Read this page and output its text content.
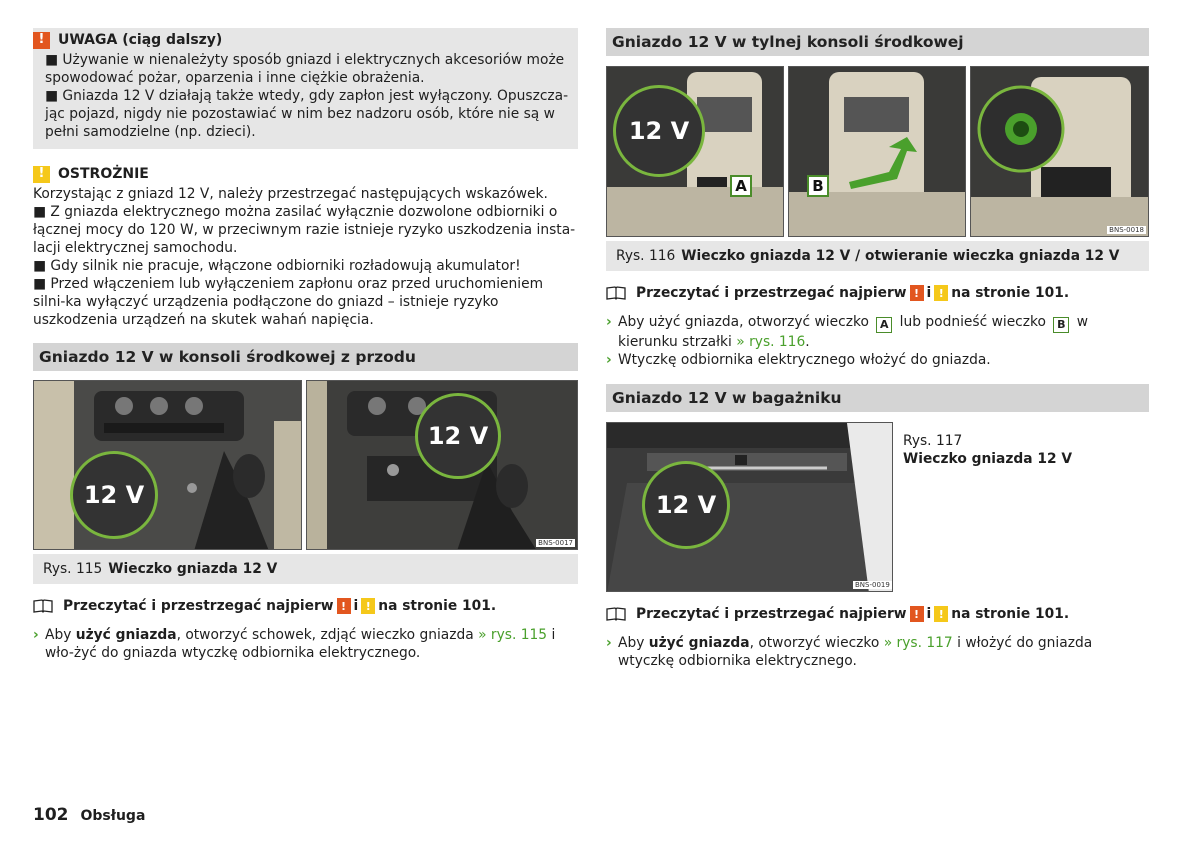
! UWAGA (ciąg dalszy)
■ Używanie w nienależyty sposób gniazd i elektrycznych akcesoriów może spowodować pożar, oparzenia i inne ciężkie obrażenia.
■ Gniazda 12 V działają także wtedy, gdy zapłon jest wyłączony. Opuszcza-jąc pojazd, nigdy nie pozostawiać w nim bez nadzoru osób, które nie są w pełni samodzielne (np. dzieci).
! OSTROŻNIE
Korzystając z gniazd 12 V, należy przestrzegać następujących wskazówek.
■ Z gniazda elektrycznego można zasilać wyłącznie dozwolone odbiorniki o łącznej mocy do 120 W, w przeciwnym razie istnieje ryzyko uszkodzenia insta-lacji elektrycznej samochodu.
■ Gdy silnik nie pracuje, włączone odbiorniki rozładowują akumulator!
■ Przed włączeniem lub wyłączeniem zapłonu oraz przed uruchomieniem silni-ka wyłączyć urządzenia podłączone do gniazd – istnieje ryzyko uszkodzenia urządzeń na skutek wahań napięcia.
Gniazdo 12 V w konsoli środkowej z przodu
12 V
12 V
BNS-0017
Rys. 115 Wieczko gniazda 12 V
Przeczytać i przestrzegać najpierw ! i ! na stronie 101.
› Aby użyć gniazda, otworzyć schowek, zdjąć wieczko gniazda » rys. 115 i wło-żyć do gniazda wtyczkę odbiornika elektrycznego.
Gniazdo 12 V w tylnej konsoli środkowej
12 V
A	B
BNS-0018
Rys. 116 Wieczko gniazda 12 V / otwieranie wieczka gniazda 12 V
Przeczytać i przestrzegać najpierw ! i ! na stronie 101.
› Aby użyć gniazda, otworzyć wieczko A lub podnieść wieczko B w kierunku strzałki » rys. 116.
› Wtyczkę odbiornika elektrycznego włożyć do gniazda.
Gniazdo 12 V w bagażniku
12 V
BNS-0019
Rys. 117
Wieczko gniazda 12 V
Przeczytać i przestrzegać najpierw ! i ! na stronie 101.
› Aby użyć gniazda, otworzyć wieczko » rys. 117 i włożyć do gniazda wtyczkę odbiornika elektrycznego.
102 Obsługa
